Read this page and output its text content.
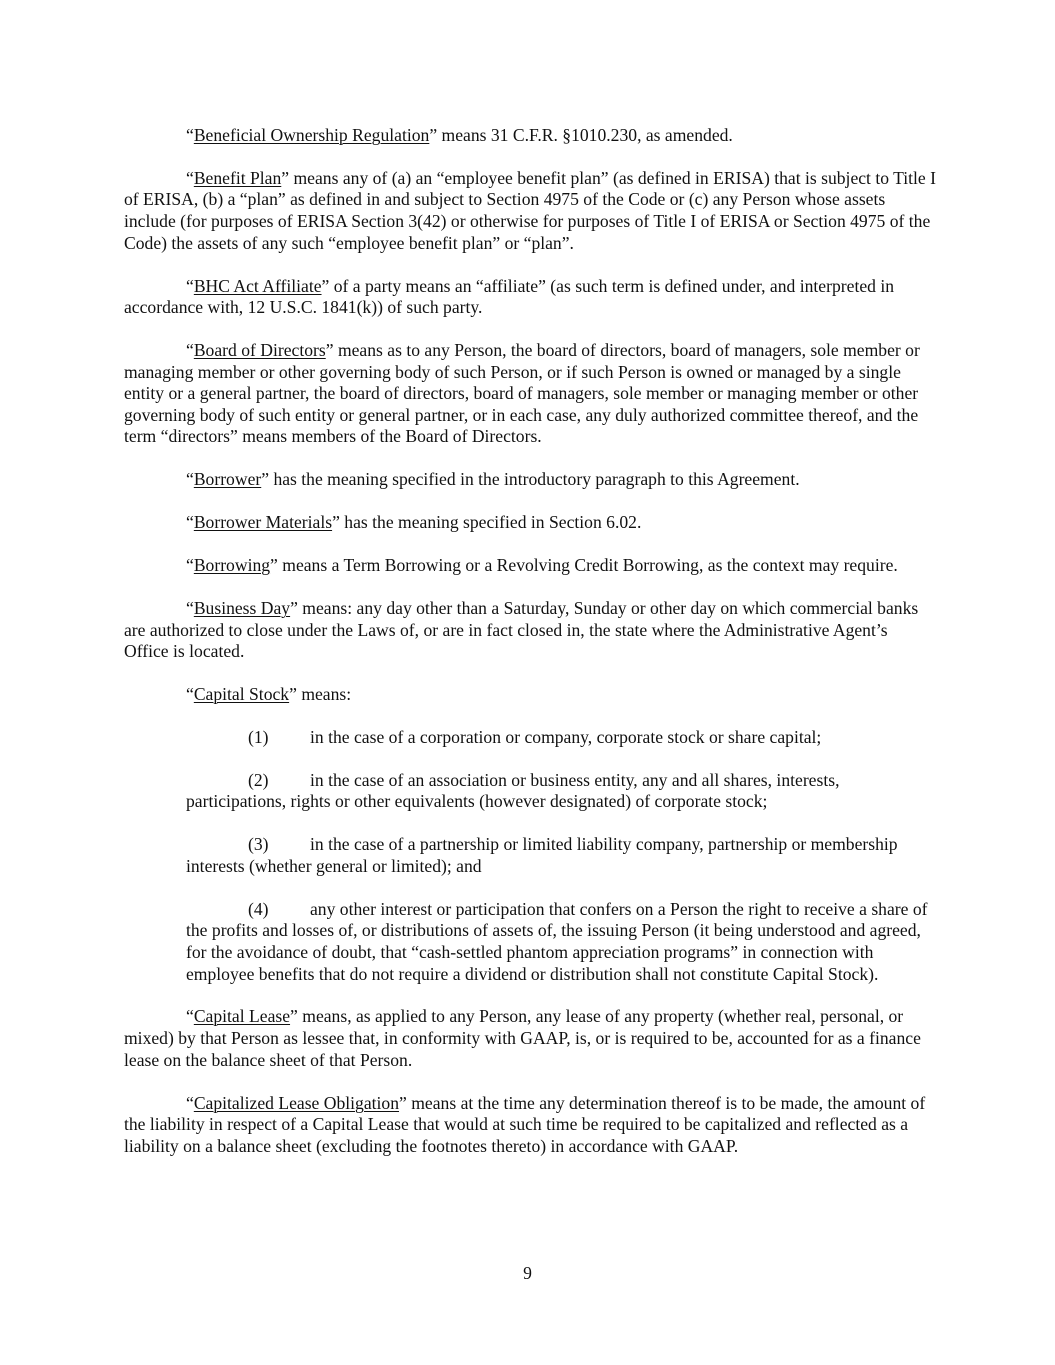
“Beneficial Ownership Regulation” means 31 C.F.R. §1010.230, as amended.

“Benefit Plan” means any of (a) an “employee benefit plan” (as defined in ERISA) that is subject to Title I of ERISA, (b) a “plan” as defined in and subject to Section 4975 of the Code or (c) any Person whose assets include (for purposes of ERISA Section 3(42) or otherwise for purposes of Title I of ERISA or Section 4975 of the Code) the assets of any such “employee benefit plan” or “plan”.

“BHC Act Affiliate” of a party means an “affiliate” (as such term is defined under, and interpreted in accordance with, 12 U.S.C. 1841(k)) of such party.

“Board of Directors” means as to any Person, the board of directors, board of managers, sole member or managing member or other governing body of such Person, or if such Person is owned or managed by a single entity or a general partner, the board of directors, board of managers, sole member or managing member or other governing body of such entity or general partner, or in each case, any duly authorized committee thereof, and the term “directors” means members of the Board of Directors.

“Borrower” has the meaning specified in the introductory paragraph to this Agreement.

“Borrower Materials” has the meaning specified in Section 6.02.

“Borrowing” means a Term Borrowing or a Revolving Credit Borrowing, as the context may require.

“Business Day” means: any day other than a Saturday, Sunday or other day on which commercial banks are authorized to close under the Laws of, or are in fact closed in, the state where the Administrative Agent’s Office is located.

“Capital Stock” means:

(1) in the case of a corporation or company, corporate stock or share capital;

(2) in the case of an association or business entity, any and all shares, interests, participations, rights or other equivalents (however designated) of corporate stock;

(3) in the case of a partnership or limited liability company, partnership or membership interests (whether general or limited); and

(4) any other interest or participation that confers on a Person the right to receive a share of the profits and losses of, or distributions of assets of, the issuing Person (it being understood and agreed, for the avoidance of doubt, that “cash-settled phantom appreciation programs” in connection with employee benefits that do not require a dividend or distribution shall not constitute Capital Stock).

“Capital Lease” means, as applied to any Person, any lease of any property (whether real, personal, or mixed) by that Person as lessee that, in conformity with GAAP, is, or is required to be, accounted for as a finance lease on the balance sheet of that Person.

“Capitalized Lease Obligation” means at the time any determination thereof is to be made, the amount of the liability in respect of a Capital Lease that would at such time be required to be capitalized and reflected as a liability on a balance sheet (excluding the footnotes thereto) in accordance with GAAP.

9
